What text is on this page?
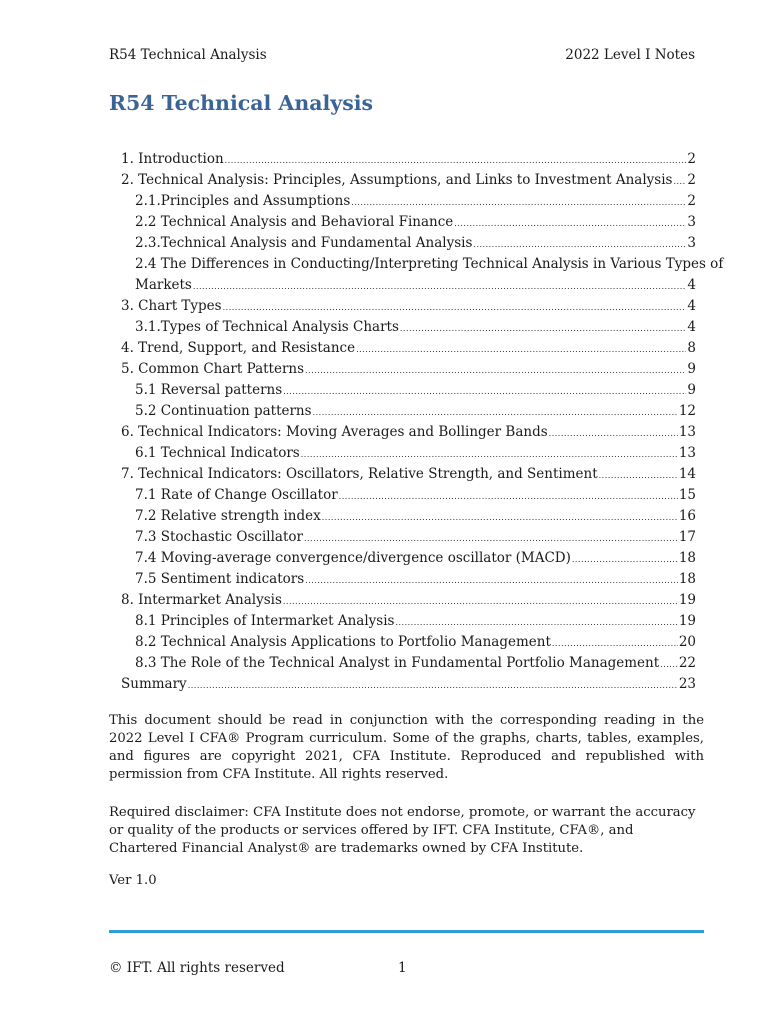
R54 Technical Analysis	2022 Level I Notes
R54 Technical Analysis
1. Introduction .....	2
2. Technical Analysis: Principles, Assumptions, and Links to Investment Analysis ..... 2
2.1.Principles and Assumptions .....	2
2.2 Technical Analysis and Behavioral Finance .....	3
2.3.Technical Analysis and Fundamental Analysis .....	3
2.4 The Differences in Conducting/Interpreting Technical Analysis in Various Types of
Markets .....	4
3. Chart Types .....	4
3.1.Types of Technical Analysis Charts .....	4
4. Trend, Support, and Resistance .....	8
5. Common Chart Patterns .....	9
5.1 Reversal patterns .....	9
5.2 Continuation patterns .....	12
6. Technical Indicators: Moving Averages and Bollinger Bands .....	13
6.1 Technical Indicators .....	13
7. Technical Indicators: Oscillators, Relative Strength, and Sentiment .....	14
7.1 Rate of Change Oscillator .....	15
7.2 Relative strength index .....	16
7.3 Stochastic Oscillator .....	17
7.4 Moving-average convergence/divergence oscillator (MACD) .....	18
7.5 Sentiment indicators .....	18
8. Intermarket Analysis .....	19
8.1 Principles of Intermarket Analysis .....	19
8.2 Technical Analysis Applications to Portfolio Management .....	20
8.3 The Role of the Technical Analyst in Fundamental Portfolio Management ..... 22
Summary .....	23

This document should be read in conjunction with the corresponding reading in the 2022 Level I CFA® Program curriculum. Some of the graphs, charts, tables, examples, and figures are copyright 2021, CFA Institute. Reproduced and republished with permission from CFA Institute. All rights reserved.

Required disclaimer: CFA Institute does not endorse, promote, or warrant the accuracy or quality of the products or services offered by IFT. CFA Institute, CFA®, and Chartered Financial Analyst® are trademarks owned by CFA Institute.

Ver 1.0

© IFT. All rights reserved	1
